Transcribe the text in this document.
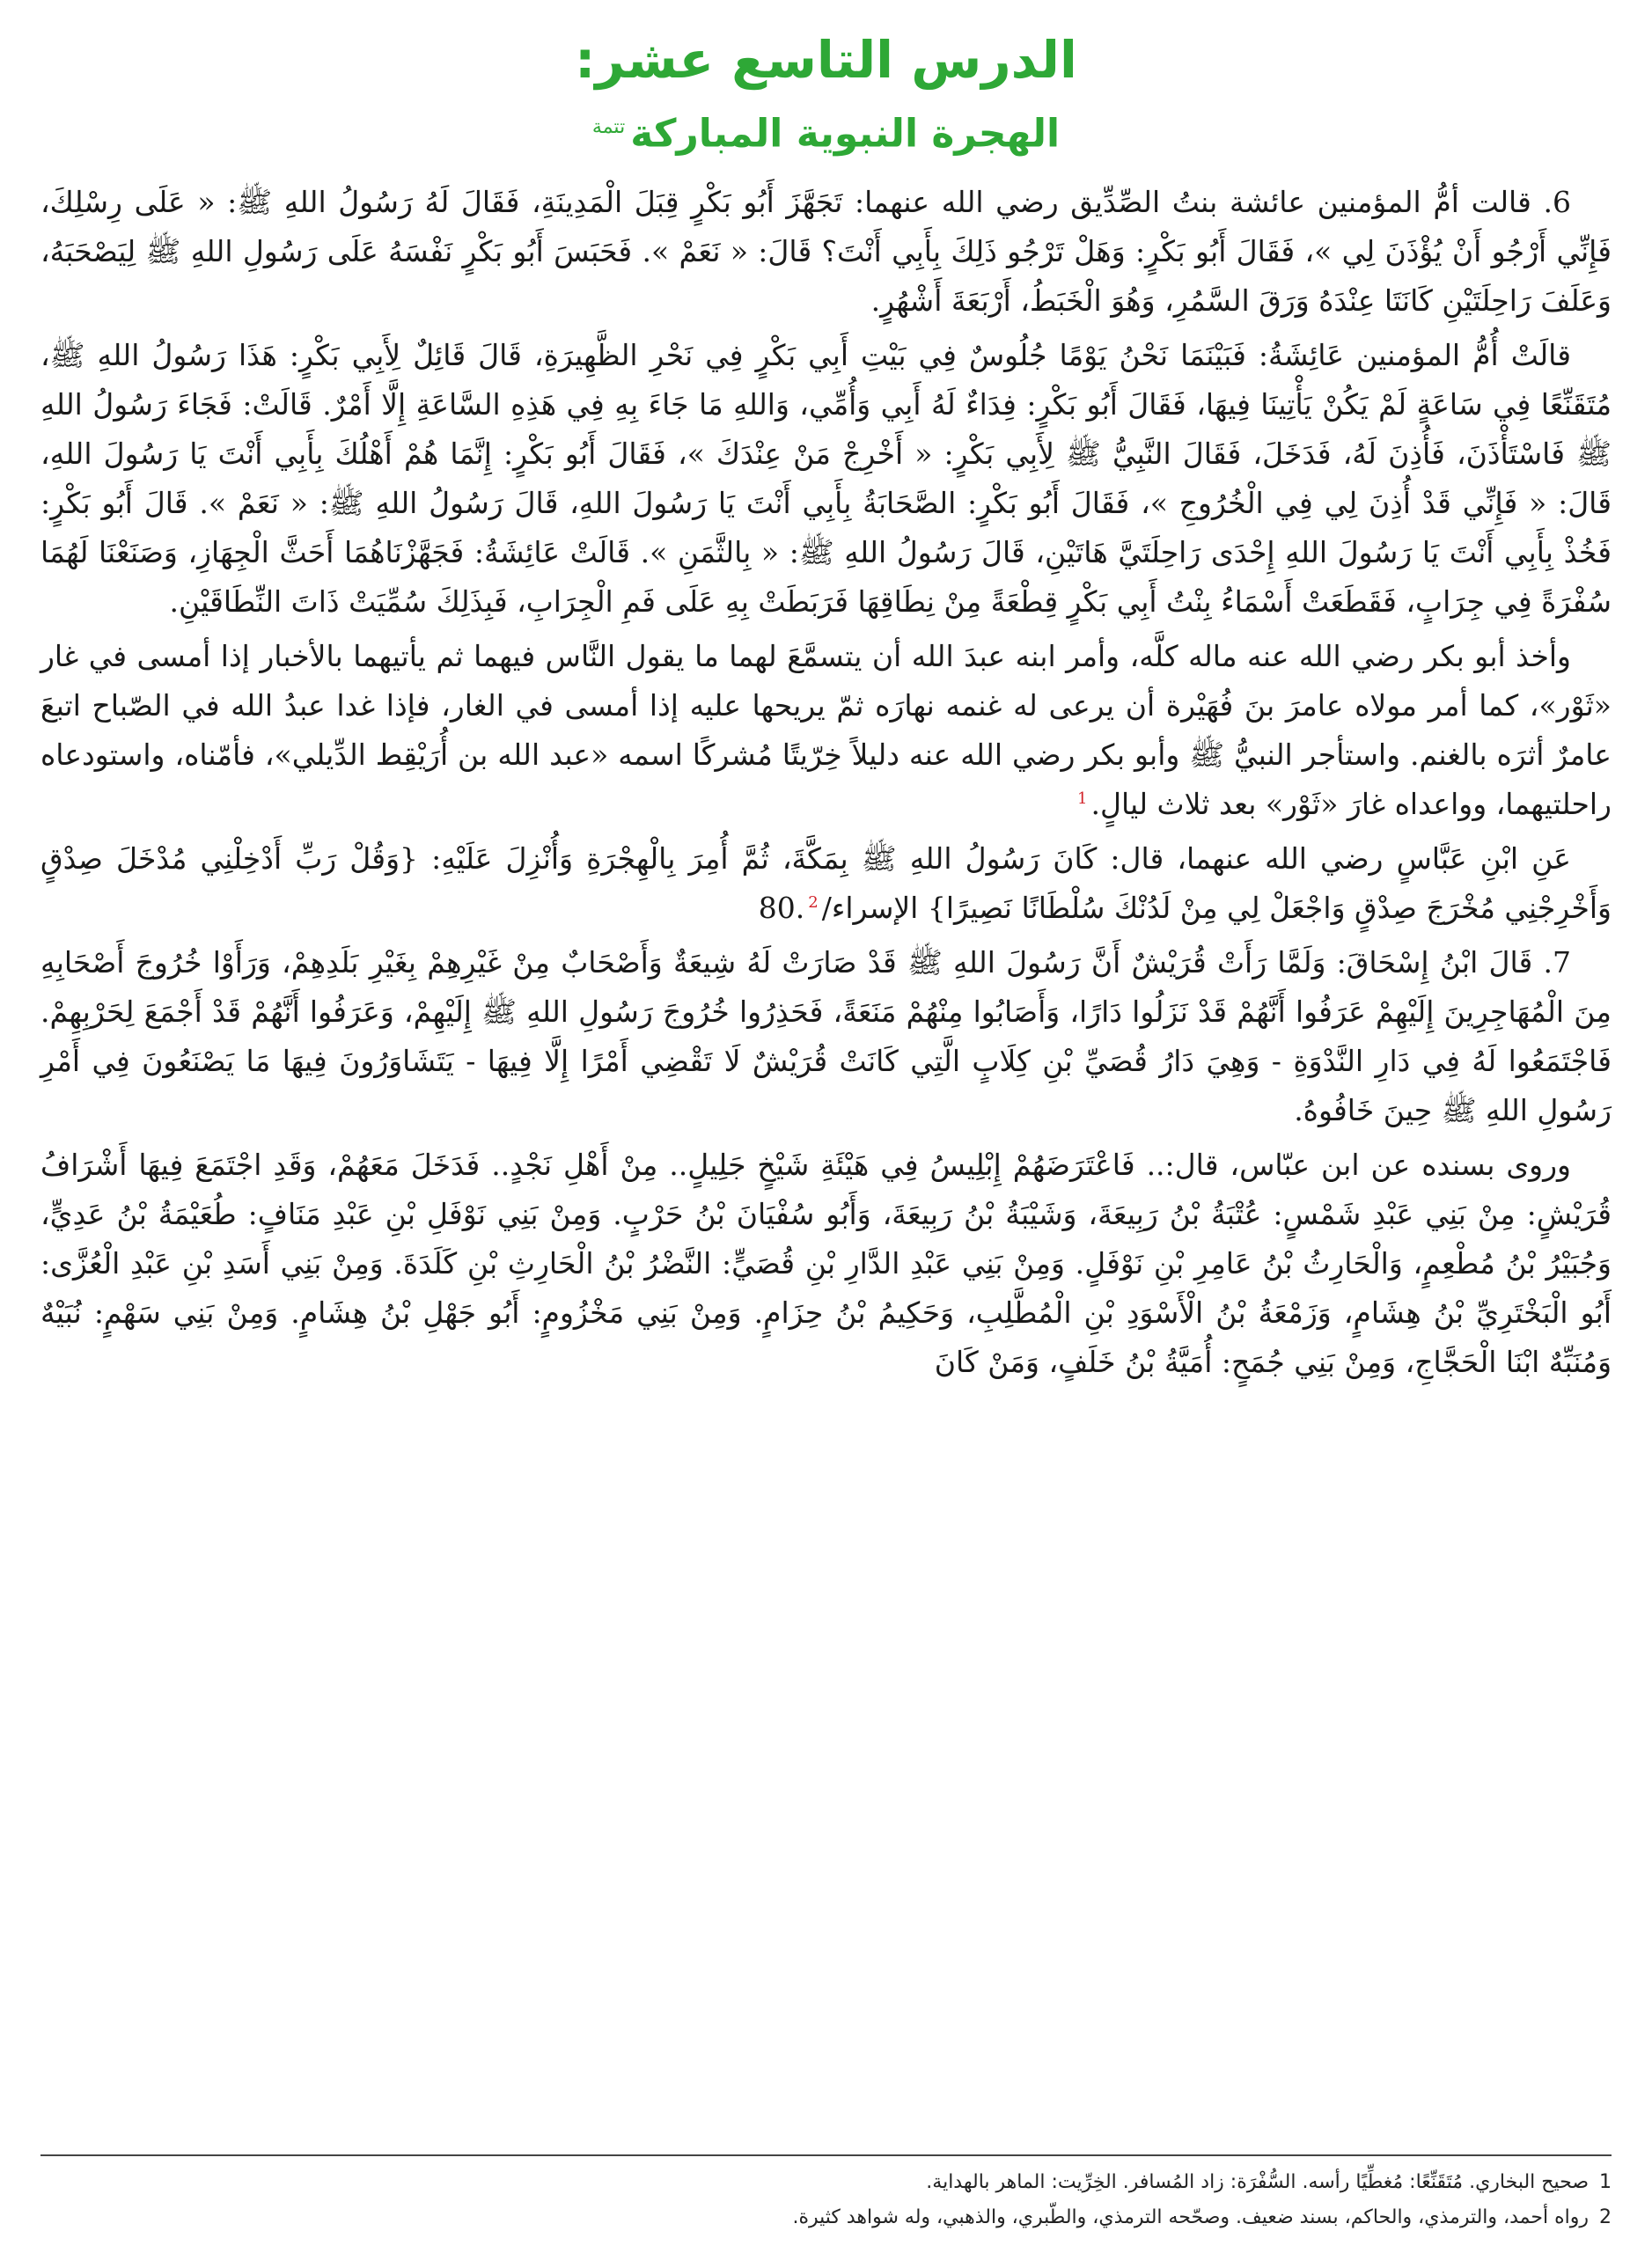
الدرس التاسع عشر:
الهجرة النبوية المباركة$^{تتمة}$

6. قالت أمُّ المؤمنين عائشة بنتُ الصِّدِّيق رضي الله عنهما: تَجَهَّزَ أَبُو بَكْرٍ قِبَلَ الْمَدِينَةِ، فَقَالَ لَهُ رَسُولُ اللهِ ﷺ: « عَلَى رِسْلِكَ، فَإِنِّي أَرْجُو أَنْ يُؤْذَنَ لِي »، فَقَالَ أَبُو بَكْرٍ: وَهَلْ تَرْجُو ذَلِكَ بِأَبِي أَنْتَ؟ قَالَ: « نَعَمْ ». فَحَبَسَ أَبُو بَكْرٍ نَفْسَهُ عَلَى رَسُولِ اللهِ ﷺ لِيَصْحَبَهُ، وَعَلَفَ رَاحِلَتَيْنِ كَانَتَا عِنْدَهُ وَرَقَ السَّمُرِ، وَهُوَ الْخَبَطُ، أَرْبَعَةَ أَشْهُرٍ.

قالَتْ أُمُّ المؤمنين عَائِشَةُ: فَبَيْنَمَا نَحْنُ يَوْمًا جُلُوسٌ فِي بَيْتِ أَبِي بَكْرٍ فِي نَحْرِ الظَّهِيرَةِ، قَالَ قَائِلٌ لِأَبِي بَكْرٍ: هَذَا رَسُولُ اللهِ ﷺ، مُتَقَنِّعًا فِي سَاعَةٍ لَمْ يَكُنْ يَأْتِينَا فِيهَا، فَقَالَ أَبُو بَكْرٍ: فِدَاءٌ لَهُ أَبِي وَأُمِّي، وَاللهِ مَا جَاءَ بِهِ فِي هَذِهِ السَّاعَةِ إِلَّا أَمْرٌ. قَالَتْ: فَجَاءَ رَسُولُ اللهِ ﷺ فَاسْتَأْذَنَ، فَأُذِنَ لَهُ، فَدَخَلَ، فَقَالَ النَّبِيُّ ﷺ لِأَبِي بَكْرٍ: « أَخْرِجْ مَنْ عِنْدَكَ »، فَقَالَ أَبُو بَكْرٍ: إِنَّمَا هُمْ أَهْلُكَ بِأَبِي أَنْتَ يَا رَسُولَ اللهِ، قَالَ: « فَإِنِّي قَدْ أُذِنَ لِي فِي الْخُرُوجِ »، فَقَالَ أَبُو بَكْرٍ: الصَّحَابَةُ بِأَبِي أَنْتَ يَا رَسُولَ اللهِ، قَالَ رَسُولُ اللهِ ﷺ: « نَعَمْ ». قَالَ أَبُو بَكْرٍ: فَخُذْ بِأَبِي أَنْتَ يَا رَسُولَ اللهِ إِحْدَى رَاحِلَتَيَّ هَاتَيْنِ، قَالَ رَسُولُ اللهِ ﷺ: « بِالثَّمَنِ ». قَالَتْ عَائِشَةُ: فَجَهَّزْنَاهُمَا أَحَثَّ الْجِهَازِ، وَصَنَعْنَا لَهُمَا سُفْرَةً فِي جِرَابٍ، فَقَطَعَتْ أَسْمَاءُ بِنْتُ أَبِي بَكْرٍ قِطْعَةً مِنْ نِطَاقِهَا فَرَبَطَتْ بِهِ عَلَى فَمِ الْجِرَابِ، فَبِذَلِكَ سُمِّيَتْ ذَاتَ النِّطَاقَيْنِ.

وأخذ أبو بكر رضي الله عنه ماله كلَّه، وأمر ابنه عبدَ الله أن يتسمَّعَ لهما ما يقول النَّاس فيهما ثم يأتيهما بالأخبار إذا أمسى في غار «ثَوْر»، كما أمر مولاه عامرَ بنَ فُهَيْرة أن يرعى له غنمه نهارَه ثمّ يريحها عليه إذا أمسى في الغار، فإذا غدا عبدُ الله في الصّباح اتبعَ عامرٌ أثرَه بالغنم. واستأجر النبيُّ ﷺ وأبو بكر رضي الله عنه دليلاً خِرّيتًا مُشركًا اسمه «عبد الله بن أُرَيْقِط الدِّيلي»، فأمّناه، واستودعاه راحلتيهما، وواعداه غارَ «ثَوْر» بعد ثلاث ليالٍ.$^1$

عَنِ ابْنِ عَبَّاسٍ رضي الله عنهما، قال: كَانَ رَسُولُ اللهِ ﷺ بِمَكَّةَ، ثُمَّ أُمِرَ بِالْهِجْرَةِ وَأُنْزِلَ عَلَيْهِ: {وَقُلْ رَبِّ أَدْخِلْنِي مُدْخَلَ صِدْقٍ وَأَخْرِجْنِي مُخْرَجَ صِدْقٍ وَاجْعَلْ لِي مِنْ لَدُنْكَ سُلْطَانًا نَصِيرًا} الإسراء/80.$^2$

7. قَالَ ابْنُ إِسْحَاقَ: وَلَمَّا رَأَتْ قُرَيْشٌ أَنَّ رَسُولَ اللهِ ﷺ قَدْ صَارَتْ لَهُ شِيعَةٌ وَأَصْحَابٌ مِنْ غَيْرِهِمْ بِغَيْرِ بَلَدِهِمْ، وَرَأَوْا خُرُوجَ أَصْحَابِهِ مِنَ الْمُهَاجِرِينَ إِلَيْهِمْ عَرَفُوا أَنَّهُمْ قَدْ نَزَلُوا دَارًا، وَأَصَابُوا مِنْهُمْ مَنَعَةً، فَحَذِرُوا خُرُوجَ رَسُولِ اللهِ ﷺ إِلَيْهِمْ، وَعَرَفُوا أَنَّهُمْ قَدْ أَجْمَعَ لِحَرْبِهِمْ. فَاجْتَمَعُوا لَهُ فِي دَارِ النَّدْوَةِ - وَهِيَ دَارُ قُصَيِّ بْنِ كِلَابٍ الَّتِي كَانَتْ قُرَيْشٌ لَا تَقْضِي أَمْرًا إِلَّا فِيهَا - يَتَشَاوَرُونَ فِيهَا مَا يَصْنَعُونَ فِي أَمْرِ رَسُولِ اللهِ ﷺ حِينَ خَافُوهُ.

وروى بسنده عن ابن عبّاس، قال:.. فَاعْتَرَضَهُمْ إِبْلِيسُ فِي هَيْئَةِ شَيْخٍ جَلِيلٍ.. مِنْ أَهْلِ نَجْدٍ.. فَدَخَلَ مَعَهُمْ، وَقَدِ اجْتَمَعَ فِيهَا أَشْرَافُ قُرَيْشٍ: مِنْ بَنِي عَبْدِ شَمْسٍ: عُتْبَةُ بْنُ رَبِيعَةَ، وَشَيْبَةُ بْنُ رَبِيعَةَ، وَأَبُو سُفْيَانَ بْنُ حَرْبٍ. وَمِنْ بَنِي نَوْفَلِ بْنِ عَبْدِ مَنَافٍ: طُعَيْمَةُ بْنُ عَدِيٍّ، وَجُبَيْرُ بْنُ مُطْعِمٍ، وَالْحَارِثُ بْنُ عَامِرِ بْنِ نَوْفَلٍ. وَمِنْ بَنِي عَبْدِ الدَّارِ بْنِ قُصَيٍّ: النَّضْرُ بْنُ الْحَارِثِ بْنِ كَلَدَةَ. وَمِنْ بَنِي أَسَدِ بْنِ عَبْدِ الْعُزَّى: أَبُو الْبَخْتَرِيِّ بْنُ هِشَامٍ، وَزَمْعَةُ بْنُ الْأَسْوَدِ بْنِ الْمُطَّلِبِ، وَحَكِيمُ بْنُ حِزَامٍ. وَمِنْ بَنِي مَخْزُومٍ: أَبُو جَهْلِ بْنُ هِشَامٍ. وَمِنْ بَنِي سَهْمٍ: نُبَيْهٌ وَمُنَبِّهٌ ابْنَا الْحَجَّاجِ، وَمِنْ بَنِي جُمَحٍ: أُمَيَّةُ بْنُ خَلَفٍ، وَمَنْ كَانَ

1صحيح البخاري. مُتَقَنِّعًا: مُغطِّيًا رأسه. السُّفْرَة: زاد المُسافر. الخِرِّيت: الماهر بالهداية.

2رواه أحمد، والترمذي، والحاكم، بسند ضعيف. وصحّحه الترمذي، والطّبري، والذهبي، وله شواهد كثيرة.
